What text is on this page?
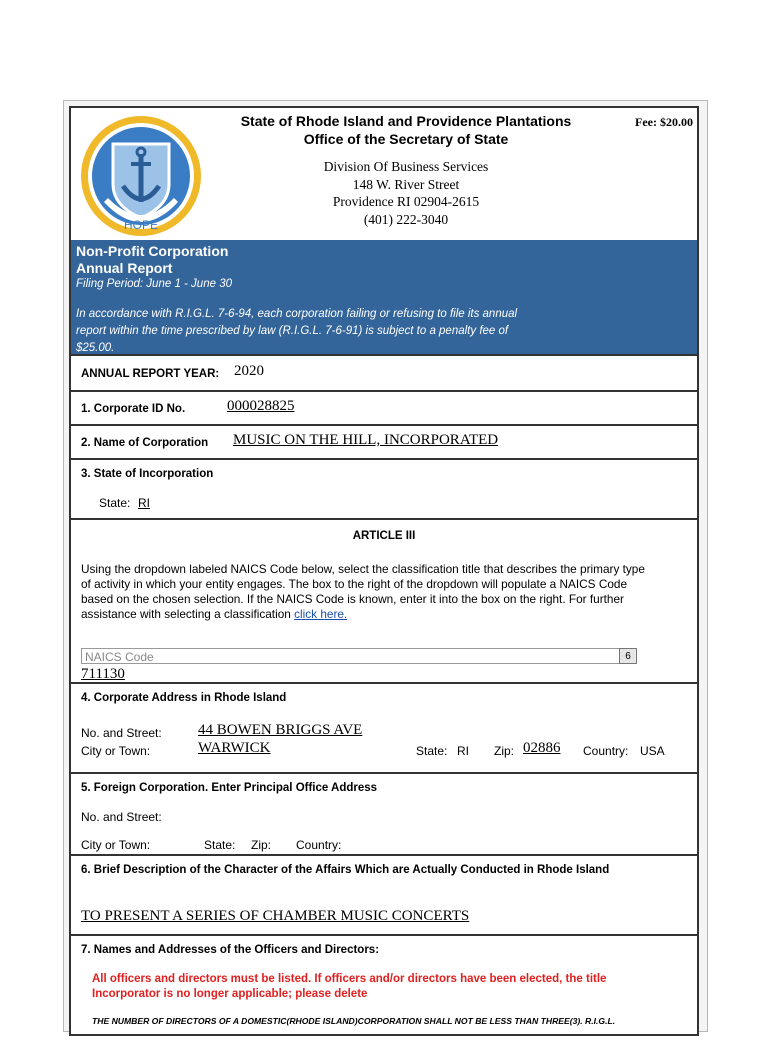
HOPE
State of Rhode Island and Providence Plantations
Office of the Secretary of State
Fee: $20.00
Division Of Business Services
148 W. River Street
Providence RI 02904-2615
(401) 222-3040
Non-Profit Corporation
Annual Report
Filing Period: June 1 - June 30
In accordance with R.I.G.L. 7-6-94, each corporation failing or refusing to file its annual
report within the time prescribed by law (R.I.G.L. 7-6-91) is subject to a penalty fee of
$25.00.
ANNUAL REPORT YEAR: 2020
1. Corporate ID No.	000028825
2. Name of Corporation MUSIC ON THE HILL, INCORPORATED
3. State of Incorporation
State: RI
ARTICLE III
Using the dropdown labeled NAICS Code below, select the classification title that describes the primary type
of activity in which your entity engages. The box to the right of the dropdown will populate a NAICS Code
based on the chosen selection. If the NAICS Code is known, enter it into the box on the right. For further
assistance with selecting a classification click here.
NAICS Code	6
711130
4. Corporate Address in Rhode Island
No. and Street: 44 BOWEN BRIGGS AVE
City or Town:	WARWICK	State: RI Zip: 02886 Country: USA
5. Foreign Corporation. Enter Principal Office Address
No. and Street:
City or Town:	State: Zip: Country:
6. Brief Description of the Character of the Affairs Which are Actually Conducted in Rhode Island
TO PRESENT A SERIES OF CHAMBER MUSIC CONCERTS
7. Names and Addresses of the Officers and Directors:
All officers and directors must be listed. If officers and/or directors have been elected, the title
Incorporator is no longer applicable; please delete
THE NUMBER OF DIRECTORS OF A DOMESTIC(RHODE ISLAND)CORPORATION SHALL NOT BE LESS THAN THREE(3). R.I.G.L.
